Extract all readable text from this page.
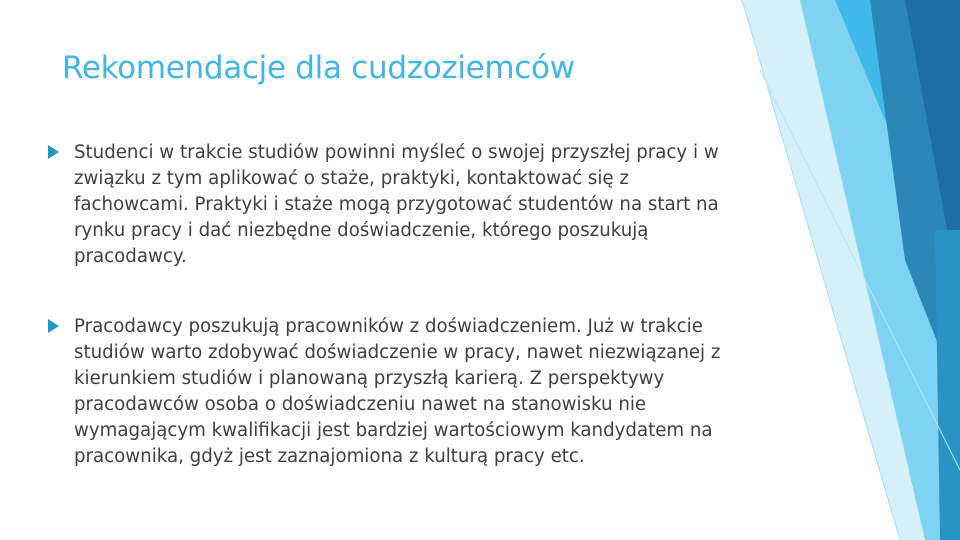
Rekomendacje dla cudzoziemców
Studenci w trakcie studiów powinni myśleć o swojej przyszłej pracy i w związku z tym aplikować o staże, praktyki, kontaktować się z fachowcami. Praktyki i staże mogą przygotować studentów na start na rynku pracy i dać niezbędne doświadczenie, którego poszukują pracodawcy.
Pracodawcy poszukują pracowników z doświadczeniem. Już w trakcie studiów warto zdobywać doświadczenie w pracy, nawet niezwiązanej z kierunkiem studiów i planowaną przyszłą karierą. Z perspektywy pracodawców osoba o doświadczeniu nawet na stanowisku nie wymagającym kwalifikacji jest bardziej wartościowym kandydatem na pracownika, gdyż jest zaznajomiona z kulturą pracy etc.
